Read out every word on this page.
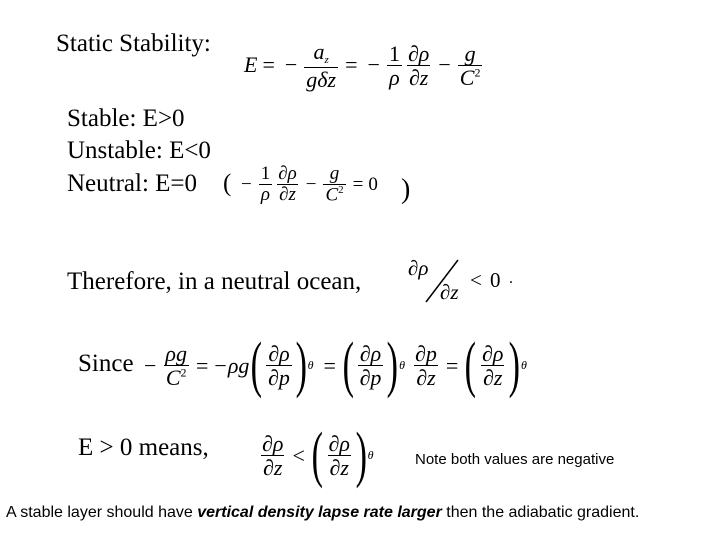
Static Stability:
E = − $\frac{az}{\text{gδz}}$ = − $\frac{1}{\rho} \frac{\partial\rho}{\partial z} - \frac{g}{C^2}$
Stable: E>0
Unstable: E<0
Neutral: E=0 ( − $\frac{1}{\rho} \frac{\partial\rho}{\partial z} - \frac{g}{C^2} = 0$ )
Therefore, in a neutral ocean, ∂ρ
∂z < 0 .
Since − $\frac{\rho g}{C^2}$ = − ρg ( $\frac{\partial\rho}{\partial p}$ ) θ = ( $\frac{\partial\rho}{\partial p}$ ) θ $\frac{\partial p}{\partial z}$ = ( $\frac{\partial\rho}{\partial z}$ ) θ
E > 0 means, $\frac{\partial\rho}{\partial z}$ < ( $\frac{\partial\rho}{\partial z}$ ) θ	Note both values are negative
A stable layer should have vertical density lapse rate larger then the adiabatic gradient.
